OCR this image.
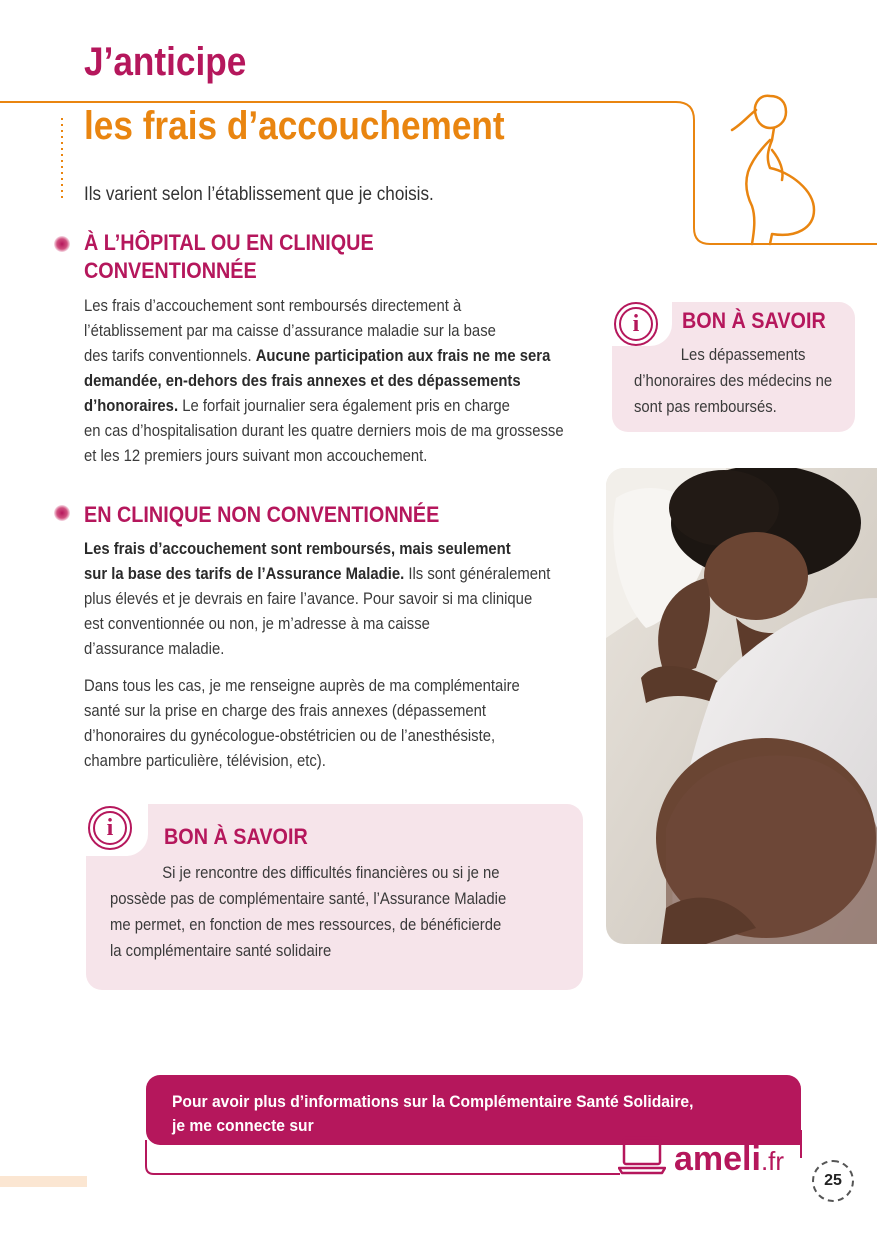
J’anticipe
les frais d’accouchement
Ils varient selon l’établissement que je choisis.
À L’HÔPITAL OU EN CLINIQUE
CONVENTIONNÉE
Les frais d’accouchement sont remboursés directement à
l’établissement par ma caisse d’assurance maladie sur la base
des tarifs conventionnels. Aucune participation aux frais ne me sera
demandée, en-dehors des frais annexes et des dépassements
d’honoraires. Le forfait journalier sera également pris en charge
en cas d’hospitalisation durant les quatre derniers mois de ma grossesse
et les 12 premiers jours suivant mon accouchement.
EN CLINIQUE NON CONVENTIONNÉE
Les frais d’accouchement sont remboursés, mais seulement
sur la base des tarifs de l’Assurance Maladie. Ils sont généralement
plus élevés et je devrais en faire l’avance. Pour savoir si ma clinique
est conventionnée ou non, je m’adresse à ma caisse
d’assurance maladie.
Dans tous les cas, je me renseigne auprès de ma complémentaire
santé sur la prise en charge des frais annexes (dépassement
d’honoraires du gynécologue-obstétricien ou de l’anesthésiste,
chambre particulière, télévision, etc).
i	BON À SAVOIR
Les dépassements
d’honoraires des médecins ne
sont pas remboursés.
i	BON À SAVOIR
Si je rencontre des difficultés financières ou si je ne
possède pas de complémentaire santé, l’Assurance Maladie
me permet, en fonction de mes ressources, de bénéficierde
la complémentaire santé solidaire
Pour avoir plus d’informations sur la Complémentaire Santé Solidaire,
je me connecte sur
ameli.fr
25
